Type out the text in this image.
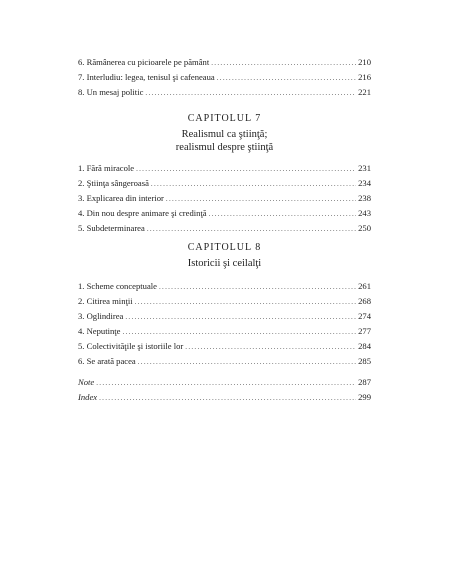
6. Rămânerea cu picioarele pe pământ .....	210
7. Interludiu: legea, tenisul şi cafeneaua .....	216
8. Un mesaj politic .....	221
CAPITOLUL 7
Realismul ca ştiinţă;
realismul despre ştiinţă
1. Fără miracole .....	231
2. Ştiinţa sângeroasă .....	234
3. Explicarea din interior .....	238
4. Din nou despre animare şi credinţă .....	243
5. Subdeterminarea .....	250
CAPITOLUL 8
Istoricii şi ceilalţi
1. Scheme conceptuale .....	261
2. Citirea minţii .....	268
3. Oglindirea .....	274
4. Neputinţe .....	277
5. Colectivităţile şi istoriile lor .....	284
6. Se arată pacea .....	285
Note .....	287
Index .....	299
